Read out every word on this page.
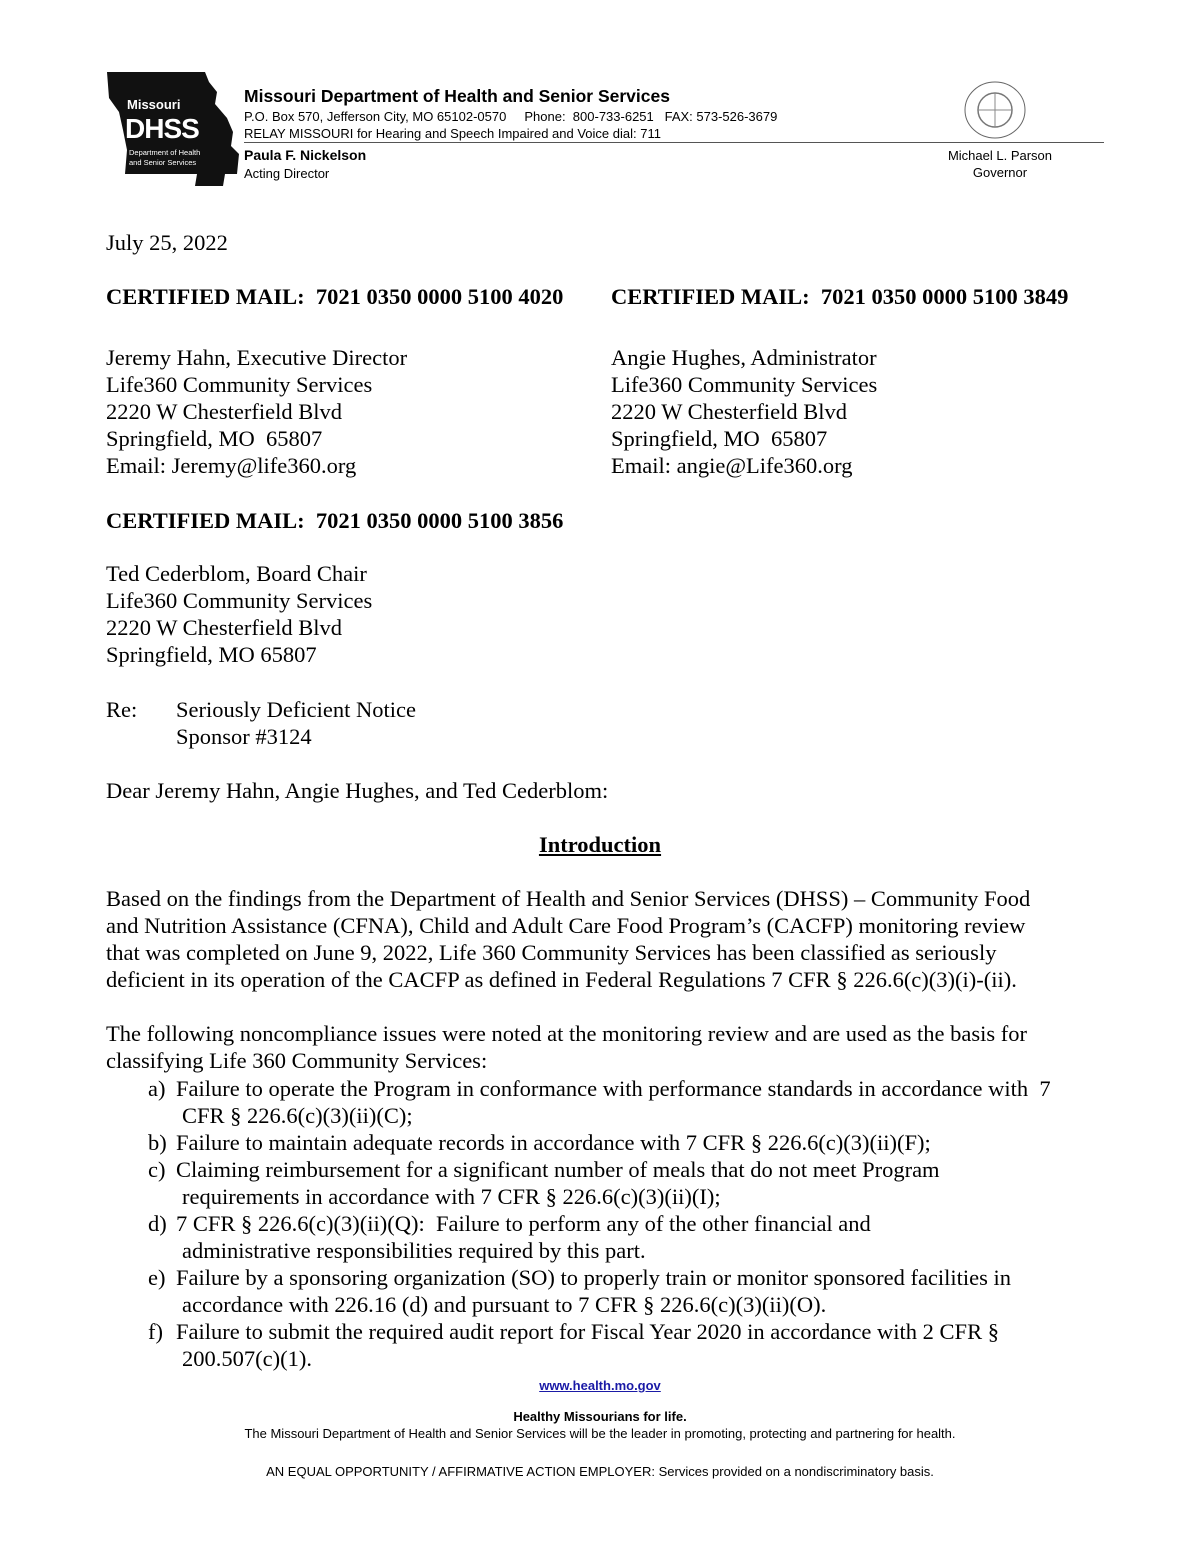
Missouri
DHSS
Department of Health
and Senior Services
Missouri Department of Health and Senior Services
P.O. Box 570, Jefferson City, MO 65102-0570     Phone:  800-733-6251   FAX: 573-526-3679
RELAY MISSOURI for Hearing and Speech Impaired and Voice dial: 711
Paula F. Nickelson
Acting Director
Michael L. Parson
Governor
July 25, 2022
CERTIFIED MAIL:  7021 0350 0000 5100 4020 CERTIFIED MAIL:  7021 0350 0000 5100 3849
Jeremy Hahn, Executive Director
Life360 Community Services
2220 W Chesterfield Blvd
Springfield, MO  65807
Email: Jeremy@life360.org
Angie Hughes, Administrator
Life360 Community Services
2220 W Chesterfield Blvd
Springfield, MO  65807
Email: angie@Life360.org
CERTIFIED MAIL:  7021 0350 0000 5100 3856
Ted Cederblom, Board Chair
Life360 Community Services
2220 W Chesterfield Blvd
Springfield, MO 65807
Re: Seriously Deficient Notice
Sponsor #3124
Dear Jeremy Hahn, Angie Hughes, and Ted Cederblom:
Introduction
Based on the findings from the Department of Health and Senior Services (DHSS) – Community Food
and Nutrition Assistance (CFNA), Child and Adult Care Food Program’s (CACFP) monitoring review
that was completed on June 9, 2022, Life 360 Community Services has been classified as seriously
deficient in its operation of the CACFP as defined in Federal Regulations 7 CFR § 226.6(c)(3)(i)-(ii).
The following noncompliance issues were noted at the monitoring review and are used as the basis for
classifying Life 360 Community Services:
a) Failure to operate the Program in conformance with performance standards in accordance with  7
CFR § 226.6(c)(3)(ii)(C);
b) Failure to maintain adequate records in accordance with 7 CFR § 226.6(c)(3)(ii)(F);
c) Claiming reimbursement for a significant number of meals that do not meet Program
requirements in accordance with 7 CFR § 226.6(c)(3)(ii)(I);
d) 7 CFR § 226.6(c)(3)(ii)(Q):  Failure to perform any of the other financial and
administrative responsibilities required by this part.
e) Failure by a sponsoring organization (SO) to properly train or monitor sponsored facilities in
accordance with 226.16 (d) and pursuant to 7 CFR § 226.6(c)(3)(ii)(O).
f) Failure to submit the required audit report for Fiscal Year 2020 in accordance with 2 CFR §
200.507(c)(1).
www.health.mo.gov
Healthy Missourians for life.
The Missouri Department of Health and Senior Services will be the leader in promoting, protecting and partnering for health.
AN EQUAL OPPORTUNITY / AFFIRMATIVE ACTION EMPLOYER: Services provided on a nondiscriminatory basis.
